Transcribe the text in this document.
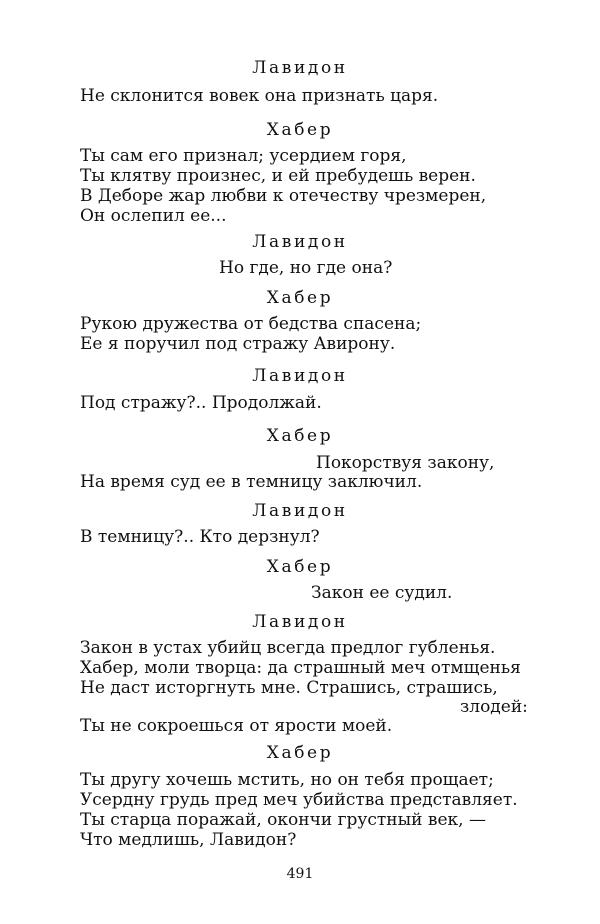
Лавидон
Не склонится вовек она признать царя.
Хабер
Ты сам его признал; усердием горя,
Ты клятву произнес, и ей пребудешь верен.
В Деборе жар любви к отечеству чрезмерен,
Он ослепил ее...
Лавидон
Но где, но где она?
Хабер
Рукою дружества от бедства спасена;
Ее я поручил под стражу Авирону.
Лавидон
Под стражу?.. Продолжай.
Хабер
Покорствуя закону,
На время суд ее в темницу заключил.
Лавидон
В темницу?.. Кто дерзнул?
Хабер
Закон ее судил.
Лавидон
Закон в устах убийц всегда предлог губленья.
Хабер, моли творца: да страшный меч отмщенья
Не даст исторгнуть мне. Страшись, страшись,
злодей:
Ты не сокроешься от ярости моей.
Хабер
Ты другу хочешь мстить, но он тебя прощает;
Усердну грудь пред меч убийства представляет.
Ты старца поражай, окончи грустный век, —
Что медлишь, Лавидон?
491
